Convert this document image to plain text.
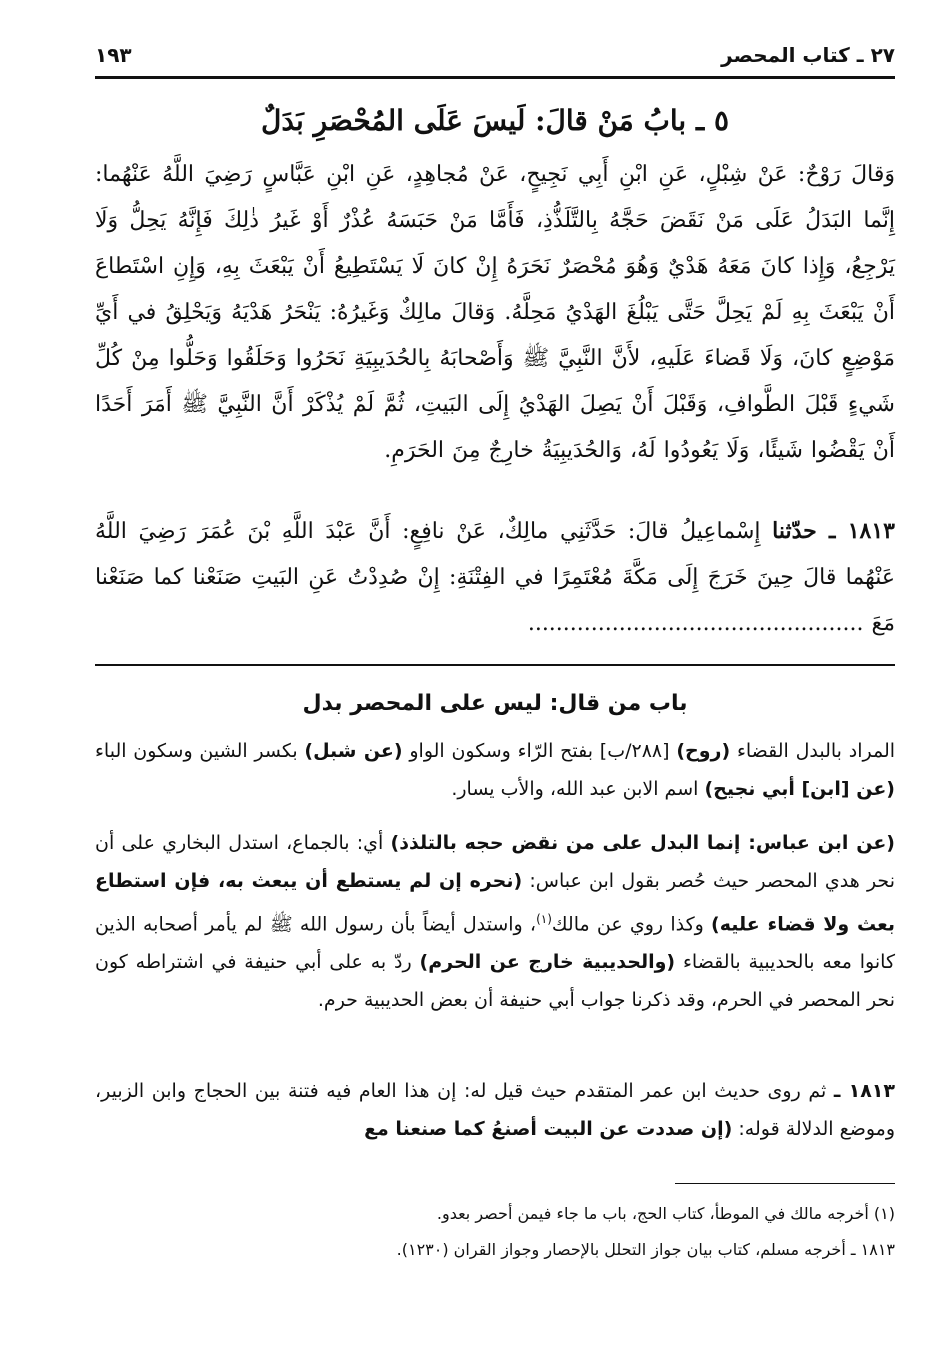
١٩٣	٢٧ ـ كتاب المحصر
٥ ـ بابُ مَنْ قالَ: لَيسَ عَلَى المُحْصَرِ بَدَلٌ
وَقالَ رَوْحٌ: عَنْ شِبْلٍ، عَنِ ابْنِ أَبِي نَجِيحٍ، عَنْ مُجاهِدٍ، عَنِ ابْنِ عَبَّاسٍ رَضِيَ اللَّهُ عَنْهُما: إِنَّما البَدَلُ عَلَى مَنْ نَقَضَ حَجَّهُ بِالتَّلَذُّذِ، فَأَمَّا مَنْ حَبَسَهُ عُذْرٌ أَوْ غَيرُ ذٰلِكَ فَإِنَّهُ يَحِلُّ وَلَا يَرْجِعُ، وَإِذا كانَ مَعَهُ هَدْيٌ وَهُوَ مُحْصَرٌ نَحَرَهُ إِنْ كانَ لَا يَسْتَطِيعُ أَنْ يَبْعَثَ بِهِ، وَإِنِ اسْتَطاعَ أَنْ يَبْعَثَ بِهِ لَمْ يَحِلَّ حَتَّى يَبْلُغَ الهَدْيُ مَحِلَّهُ. وَقالَ مالِكٌ وَغَيرُهُ: يَنْحَرُ هَدْيَهُ وَيَحْلِقُ في أَيِّ مَوْضِعٍ كانَ، وَلَا قَضاءَ عَلَيهِ، لأَنَّ النَّبِيَّ ﷺ وَأَصْحابَهُ بِالحُدَيبِيَةِ نَحَرُوا وَحَلَقُوا وَحَلُّوا مِنْ كُلِّ شَيءٍ قَبْلَ الطَّوافِ، وَقَبْلَ أَنْ يَصِلَ الهَدْيُ إِلَى البَيتِ، ثُمَّ لَمْ يُذْكَرْ أَنَّ النَّبِيَّ ﷺ أَمَرَ أَحَدًا أَنْ يَقْضُوا شَيئًا، وَلَا يَعُودُوا لَهُ، وَالحُدَيبِيَةُ خارِجٌ مِنَ الحَرَمِ.
١٨١٣ ـ حدّثنا إِسْماعِيلُ قالَ: حَدَّثَنِي مالِكٌ، عَنْ نافِعٍ: أَنَّ عَبْدَ اللَّهِ بْنَ عُمَرَ رَضِيَ اللَّهُ عَنْهُما قالَ حِينَ خَرَجَ إِلَى مَكَّةَ مُعْتَمِرًا في الفِتْنَةِ: إِنْ صُدِدْتُ عَنِ البَيتِ صَنَعْنا كما صَنَعْنا مَعَ ................................................
باب من قال: ليس على المحصر بدل
المراد بالبدل القضاء (روح) [٢٨٨/ب] بفتح الرّاء وسكون الواو (عن شبل) بكسر الشين وسكون الباء (عن [ابن] أبي نجيح) اسم الابن عبد الله، والأب يسار.
(عن ابن عباس: إنما البدل على من نقض حجه بالتلذذ) أي: بالجماع، استدل البخاري على أن نحر هدي المحصر حيث حُصر بقول ابن عباس: (نحره إن لم يستطع أن يبعث به، فإن استطاع بعث ولا قضاء عليه) وكذا روي عن مالك$^{(١)}$، واستدل أيضاً بأن رسول الله ﷺ لم يأمر أصحابه الذين كانوا معه بالحديبية بالقضاء (والحديبية خارج عن الحرم) ردّ به على أبي حنيفة في اشتراطه كون نحر المحصر في الحرم، وقد ذكرنا جواب أبي حنيفة أن بعض الحديبية حرم.
١٨١٣ ـ ثم روى حديث ابن عمر المتقدم حيث قيل له: إن هذا العام فيه فتنة بين الحجاج وابن الزبير، وموضع الدلالة قوله: (إن صددت عن البيت أصنعُ كما صنعنا مع
(١) أخرجه مالك في الموطأ، كتاب الحج، باب ما جاء فيمن أحصر بعدو.
١٨١٣ ـ أخرجه مسلم، كتاب بيان جواز التحلل بالإحصار وجواز القران (١٢٣٠).
